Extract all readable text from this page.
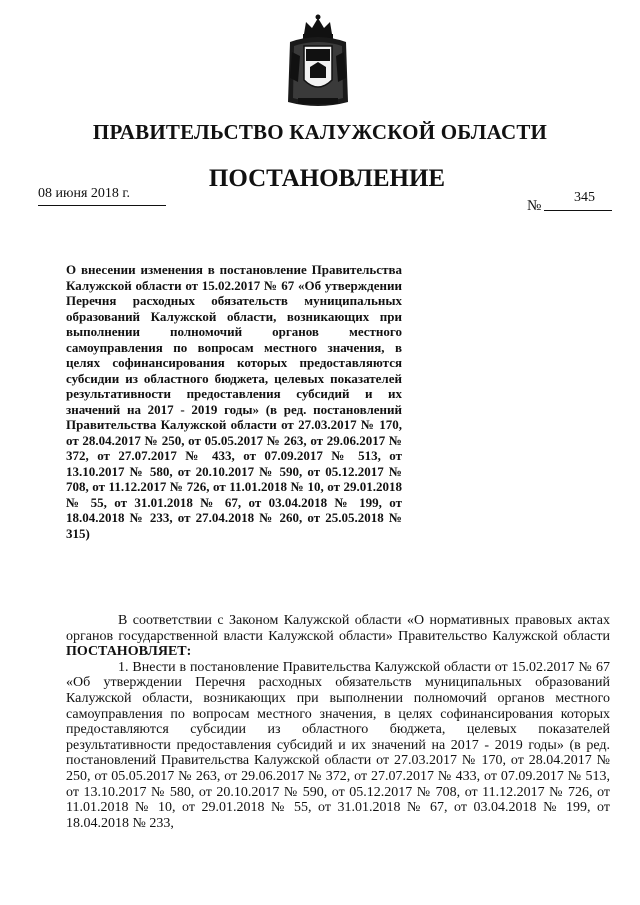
ПРАВИТЕЛЬСТВО КАЛУЖСКОЙ ОБЛАСТИ
ПОСТАНОВЛЕНИЕ
08 июня 2018 г.
№
345
О внесении изменения в постановление Правительства Калужской области от 15.02.2017 № 67 «Об утверждении Перечня расходных обязательств муниципальных образований Калужской области, возникающих при выполнении полномочий органов местного самоуправления по вопросам местного значения, в целях софинансирования которых предоставляются субсидии из областного бюджета, целевых показателей результативности предоставления субсидий и их значений на 2017 - 2019 годы» (в ред. постановлений Правительства Калужской области от 27.03.2017 № 170, от 28.04.2017 № 250, от 05.05.2017 № 263, от 29.06.2017 № 372, от 27.07.2017 № 433, от 07.09.2017 № 513, от 13.10.2017 № 580, от 20.10.2017 № 590, от 05.12.2017 № 708, от 11.12.2017 № 726, от 11.01.2018 № 10, от 29.01.2018 № 55, от 31.01.2018 № 67, от 03.04.2018 № 199, от 18.04.2018 № 233, от 27.04.2018 № 260, от 25.05.2018 № 315)

В соответствии с Законом Калужской области «О нормативных правовых актах органов государственной власти Калужской области» Правительство Калужской области ПОСТАНОВЛЯЕТ:

1. Внести в постановление Правительства Калужской области от 15.02.2017 № 67 «Об утверждении Перечня расходных обязательств муниципальных образований Калужской области, возникающих при выполнении полномочий органов местного самоуправления по вопросам местного значения, в целях софинансирования которых предоставляются субсидии из областного бюджета, целевых показателей результативности предоставления субсидий и их значений на 2017 - 2019 годы» (в ред. постановлений Правительства Калужской области от 27.03.2017 № 170, от 28.04.2017 № 250, от 05.05.2017 № 263, от 29.06.2017 № 372, от 27.07.2017 № 433, от 07.09.2017 № 513, от 13.10.2017 № 580, от 20.10.2017 № 590, от 05.12.2017 № 708, от 11.12.2017 № 726, от 11.01.2018 № 10, от 29.01.2018 № 55, от 31.01.2018 № 67, от 03.04.2018 № 199, от 18.04.2018 № 233,
